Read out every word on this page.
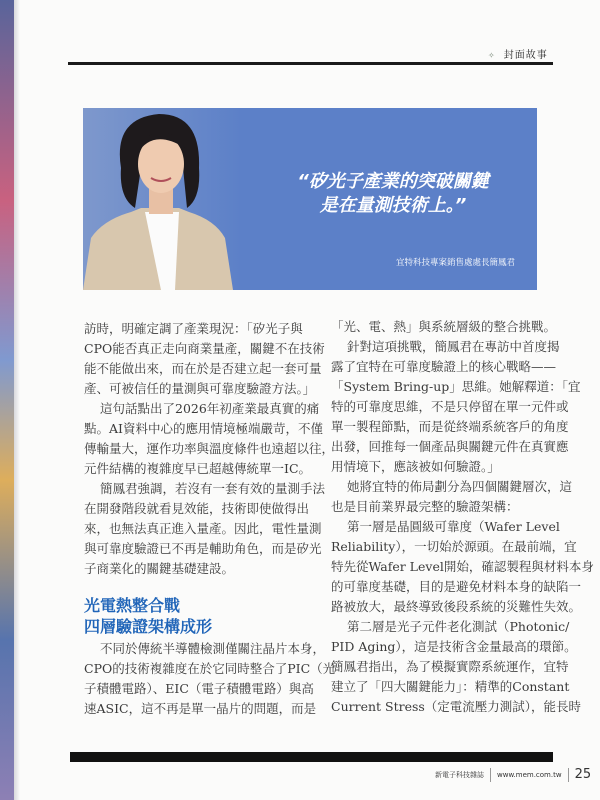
✧ 封面故事
“矽光子產業的突破關鍵
是在量測技術上。”
宜特科技專案銷售處處長簡鳳君
訪時，明確定調了產業現況：「矽光子與
CPO能否真正走向商業量產，關鍵不在技術
能不能做出來，而在於是否建立起一套可量
產、可被信任的量測與可靠度驗證方法。」
這句話點出了2026年初產業最真實的痛
點。AI資料中心的應用情境極端嚴苛，不僅
傳輸量大，運作功率與溫度條件也遠超以往，
元件結構的複雜度早已超越傳統單一IC。
簡鳳君強調，若沒有一套有效的量測手法
在開發階段就看見效能，技術即使做得出
來，也無法真正進入量產。因此，電性量測
與可靠度驗證已不再是輔助角色，而是矽光
子商業化的關鍵基礎建設。
光電熱整合戰
四層驗證架構成形
不同於傳統半導體檢測僅關注晶片本身，
CPO的技術複雜度在於它同時整合了PIC（光
子積體電路）、EIC（電子積體電路）與高
速ASIC，這不再是單一晶片的問題，而是
「光、電、熱」與系統層級的整合挑戰。
針對這項挑戰，簡鳳君在專訪中首度揭
露了宜特在可靠度驗證上的核心戰略——
「System Bring-up」思維。她解釋道：「宜
特的可靠度思維，不是只停留在單一元件或
單一製程節點，而是從終端系統客戶的角度
出發，回推每一個產品與關鍵元件在真實應
用情境下，應該被如何驗證。」
她將宜特的佈局劃分為四個關鍵層次，這
也是目前業界最完整的驗證架構：
第一層是晶圓級可靠度（Wafer Level
Reliability），一切始於源頭。在最前端，宜
特先從Wafer Level開始，確認製程與材料本身
的可靠度基礎，目的是避免材料本身的缺陷一
路被放大，最終導致後段系統的災難性失效。
第二層是光子元件老化測試（Photonic/
PID Aging），這是技術含金量最高的環節。
簡鳳君指出，為了模擬實際系統運作，宜特
建立了「四大關鍵能力」：精準的Constant
Current Stress（定電流壓力測試），能長時
新電子科技雜誌 www.mem.com.tw 25
